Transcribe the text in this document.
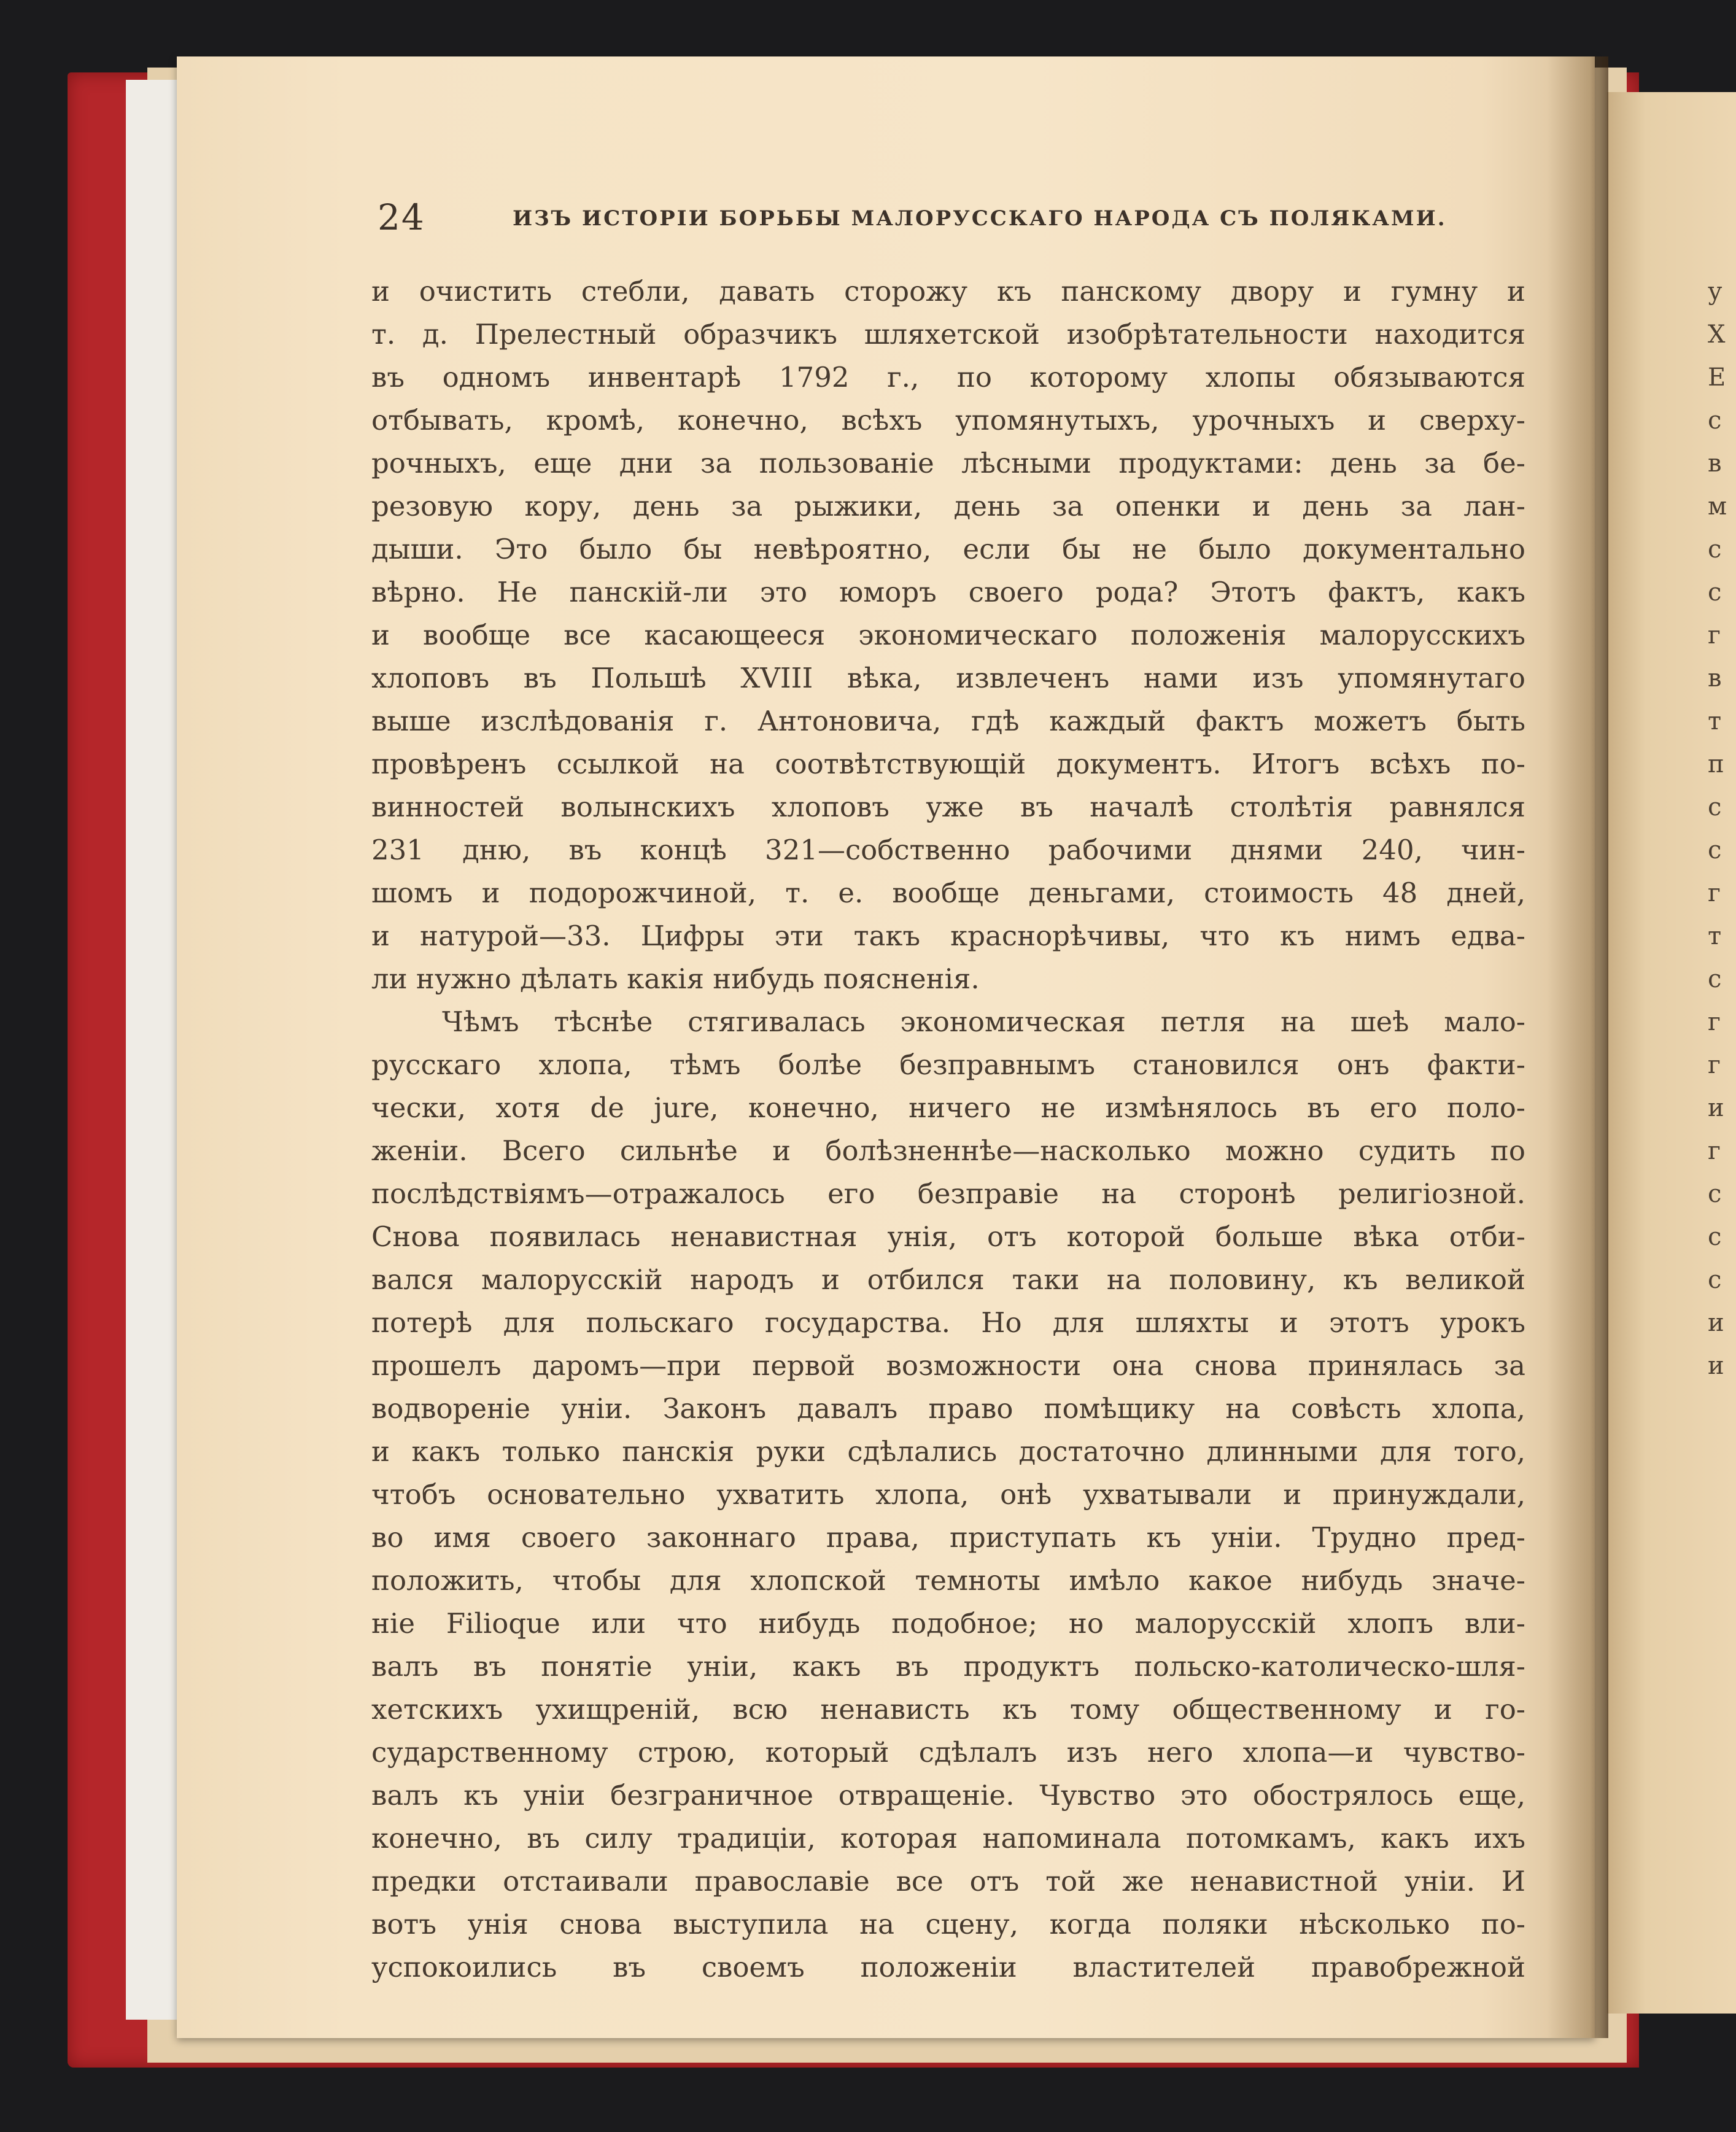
у
Х
Е
с
в
м
с
с
г
в
т
п
с
с
г
т
с
г
г
и
г
с
с
с
и
и
24	ИЗЪ ИСТОРІИ БОРЬБЫ МАЛОРУССКАГО НАРОДА СЪ ПОЛЯКАМИ.
и очистить стебли, давать сторожу къ панскому двору и гумну и
т. д. Прелестный образчикъ шляхетской изобрѣтательности находится
въ одномъ инвентарѣ 1792 г., по которому хлопы обязываются
отбывать, кромѣ, конечно, всѣхъ упомянутыхъ, урочныхъ и сверху-
рочныхъ, еще дни за пользованіе лѣсными продуктами: день за бе-
резовую кору, день за рыжики, день за опенки и день за лан-
дыши. Это было бы невѣроятно, если бы не было документально
вѣрно. Не панскій-ли это юморъ своего рода? Этотъ фактъ, какъ
и вообще все касающееся экономическаго положенія малорусскихъ
хлоповъ въ Польшѣ XVIII вѣка, извлеченъ нами изъ упомянутаго
выше изслѣдованія г. Антоновича, гдѣ каждый фактъ можетъ быть
провѣренъ ссылкой на соотвѣтствующій документъ. Итогъ всѣхъ по-
винностей волынскихъ хлоповъ уже въ началѣ столѣтія равнялся
231 дню, въ концѣ 321—собственно рабочими днями 240, чин-
шомъ и подорожчиной, т. е. вообще деньгами, стоимость 48 дней,
и натурой—33. Цифры эти такъ краснорѣчивы, что къ нимъ едва-
ли нужно дѣлать какія нибудь поясненія.
Чѣмъ тѣснѣе стягивалась экономическая петля на шеѣ мало-
русскаго хлопа, тѣмъ болѣе безправнымъ становился онъ факти-
чески, хотя de jure, конечно, ничего не измѣнялось въ его поло-
женіи. Всего сильнѣе и болѣзненнѣе—насколько можно судить по
послѣдствіямъ—отражалось его безправіе на сторонѣ религіозной.
Снова появилась ненавистная унія, отъ которой больше вѣка отби-
вался малорусскій народъ и отбился таки на половину, къ великой
потерѣ для польскаго государства. Но для шляхты и этотъ урокъ
прошелъ даромъ—при первой возможности она снова принялась за
водвореніе уніи. Законъ давалъ право помѣщику на совѣсть хлопа,
и какъ только панскія руки сдѣлались достаточно длинными для того,
чтобъ основательно ухватить хлопа, онѣ ухватывали и принуждали,
во имя своего законнаго права, приступать къ уніи. Трудно пред-
положить, чтобы для хлопской темноты имѣло какое нибудь значе-
ніе Filioque или что нибудь подобное; но малорусскій хлопъ вли-
валъ въ понятіе уніи, какъ въ продуктъ польско-католическо-шля-
хетскихъ ухищреній, всю ненависть къ тому общественному и го-
сударственному строю, который сдѣлалъ изъ него хлопа—и чувство-
валъ къ уніи безграничное отвращеніе. Чувство это обострялось еще,
конечно, въ силу традиціи, которая напоминала потомкамъ, какъ ихъ
предки отстаивали православіе все отъ той же ненавистной уніи. И
вотъ унія снова выступила на сцену, когда поляки нѣсколько по-
успокоились въ своемъ положеніи властителей правобрежной
